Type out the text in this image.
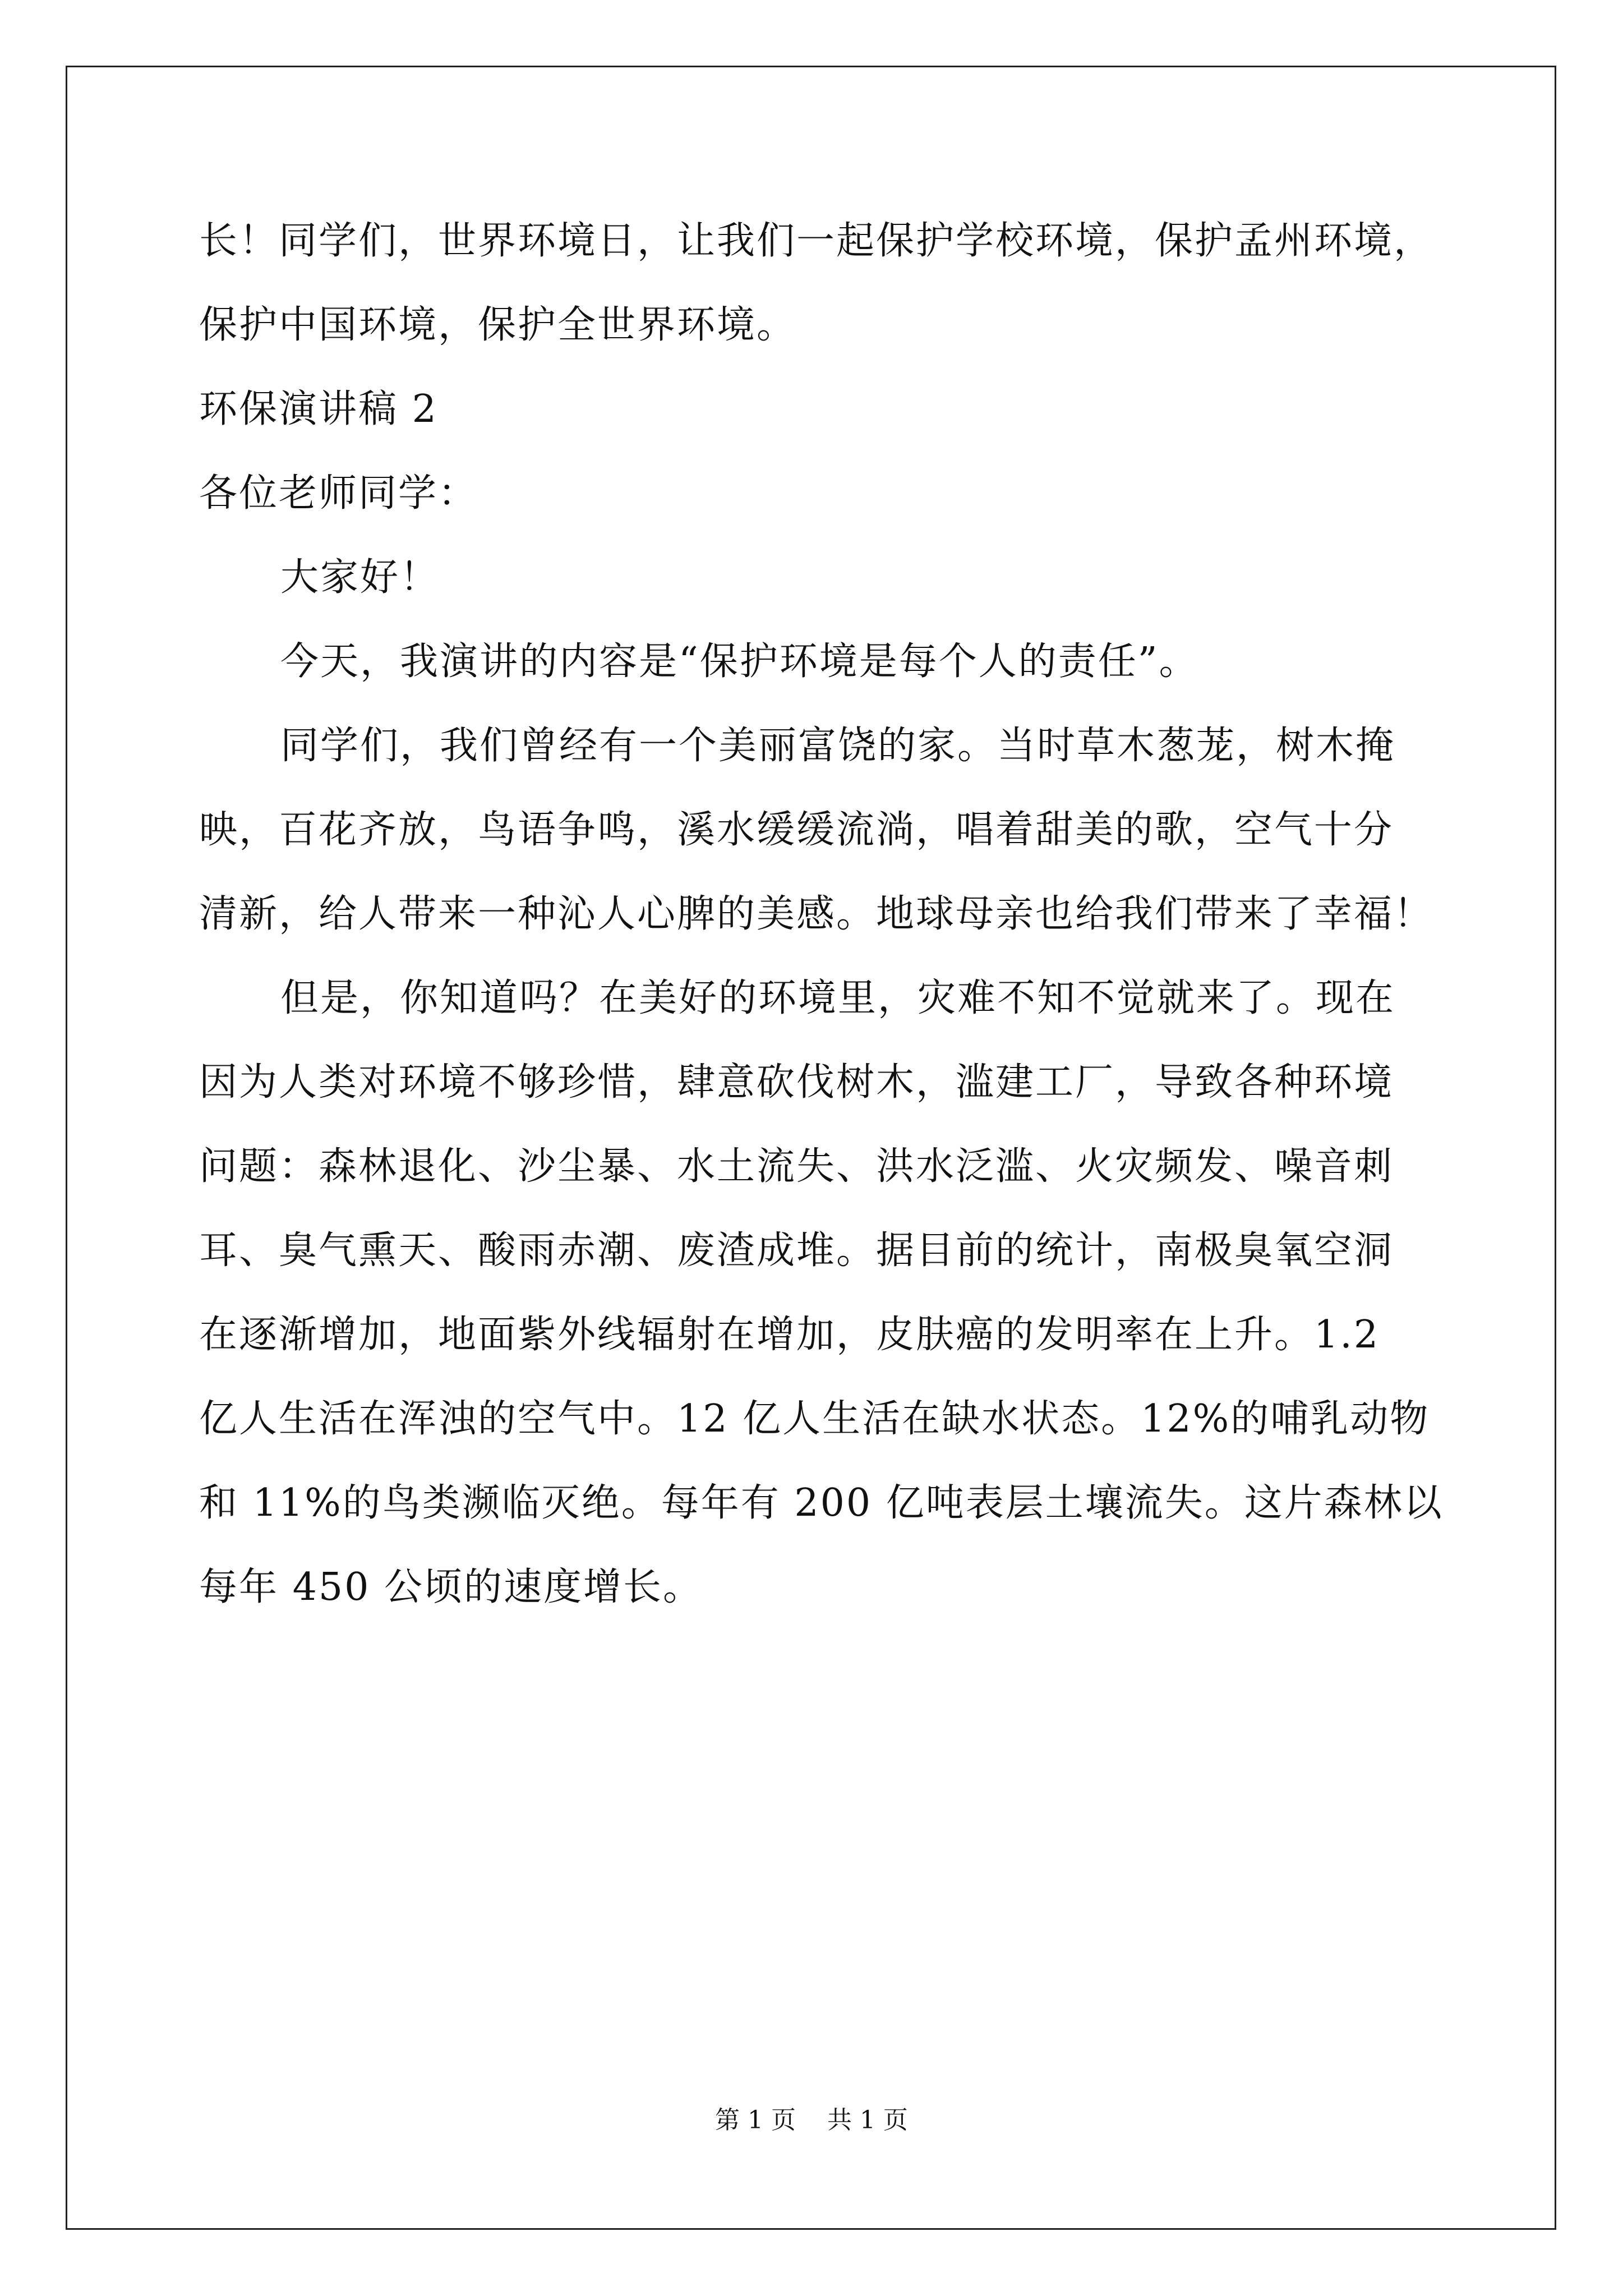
长！同学们，世界环境日，让我们一起保护学校环境，保护孟州环境，
保护中国环境，保护全世界环境。
环保演讲稿 2
各位老师同学：
大家好！
今天，我演讲的内容是“保护环境是每个人的责任”。
同学们，我们曾经有一个美丽富饶的家。当时草木葱茏，树木掩
映，百花齐放，鸟语争鸣，溪水缓缓流淌，唱着甜美的歌，空气十分
清新，给人带来一种沁人心脾的美感。地球母亲也给我们带来了幸福！
但是，你知道吗？在美好的环境里，灾难不知不觉就来了。现在
因为人类对环境不够珍惜，肆意砍伐树木，滥建工厂，导致各种环境
问题：森林退化、沙尘暴、水土流失、洪水泛滥、火灾频发、噪音刺
耳、臭气熏天、酸雨赤潮、废渣成堆。据目前的统计，南极臭氧空洞
在逐渐增加，地面紫外线辐射在增加，皮肤癌的发明率在上升。1.2
亿人生活在浑浊的空气中。12 亿人生活在缺水状态。12%的哺乳动物
和 11%的鸟类濒临灭绝。每年有 200 亿吨表层土壤流失。这片森林以
每年 450 公顷的速度增长。
第 1 页    共 1 页
